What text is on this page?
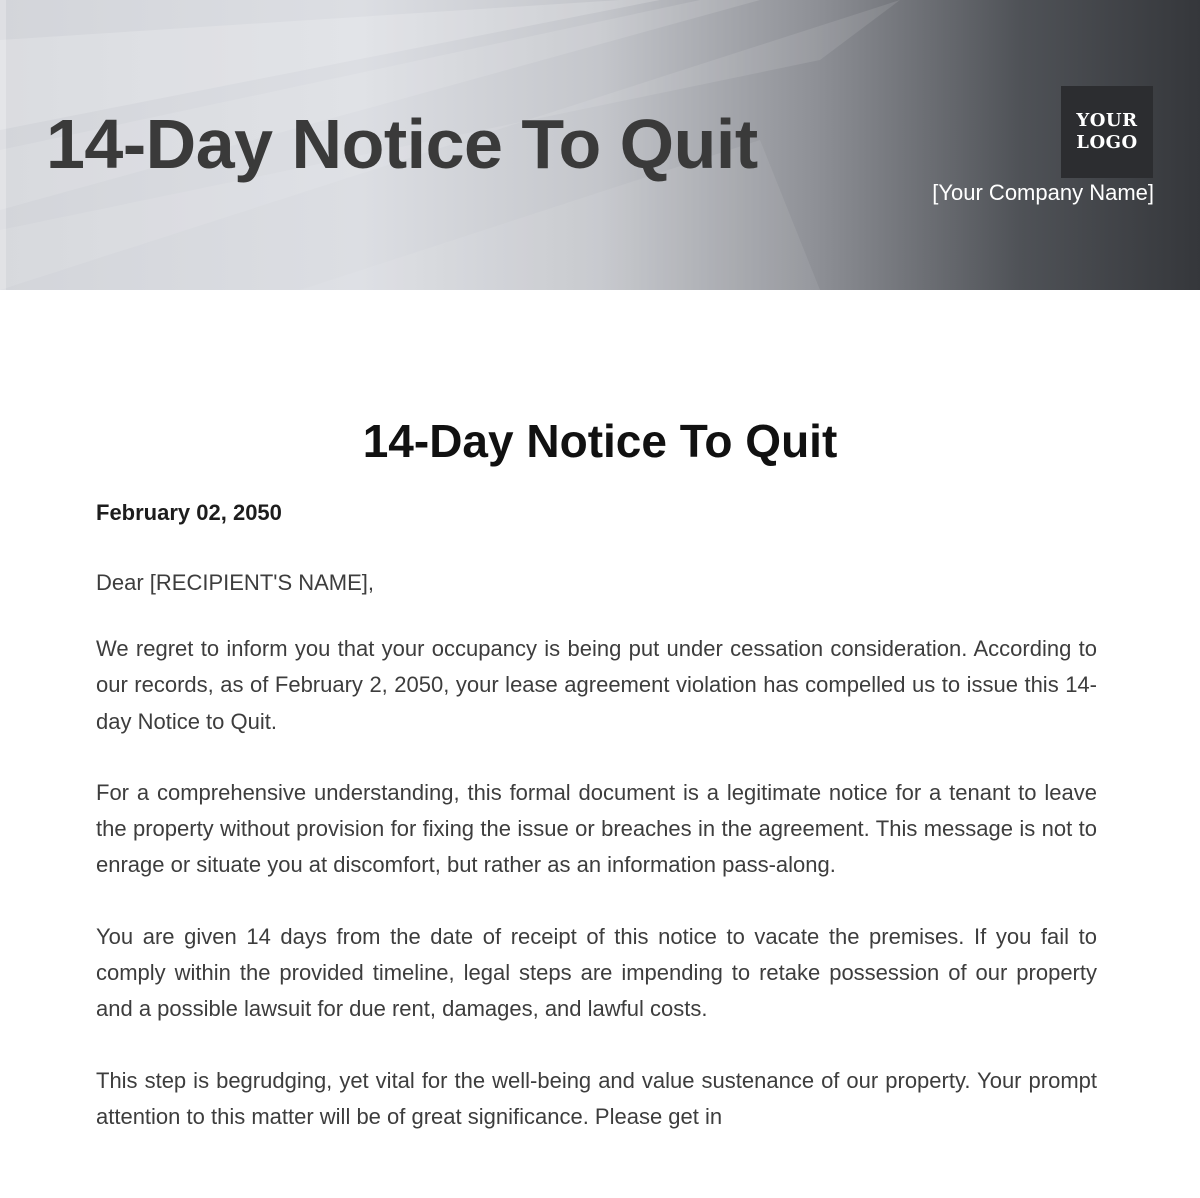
14-Day Notice To Quit	YOUR
LOGO
[Your Company Name]
14-Day Notice To Quit

February 02, 2050

Dear [RECIPIENT'S NAME],

We regret to inform you that your occupancy is being put under cessation consideration. According to our records, as of February 2, 2050, your lease agreement violation has compelled us to issue this 14-day Notice to Quit.

For a comprehensive understanding, this formal document is a legitimate notice for a tenant to leave the property without provision for fixing the issue or breaches in the agreement. This message is not to enrage or situate you at discomfort, but rather as an information pass-along.

You are given 14 days from the date of receipt of this notice to vacate the premises. If you fail to comply within the provided timeline, legal steps are impending to retake possession of our property and a possible lawsuit for due rent, damages, and lawful costs.

This step is begrudging, yet vital for the well-being and value sustenance of our property. Your prompt attention to this matter will be of great significance. Please get in
